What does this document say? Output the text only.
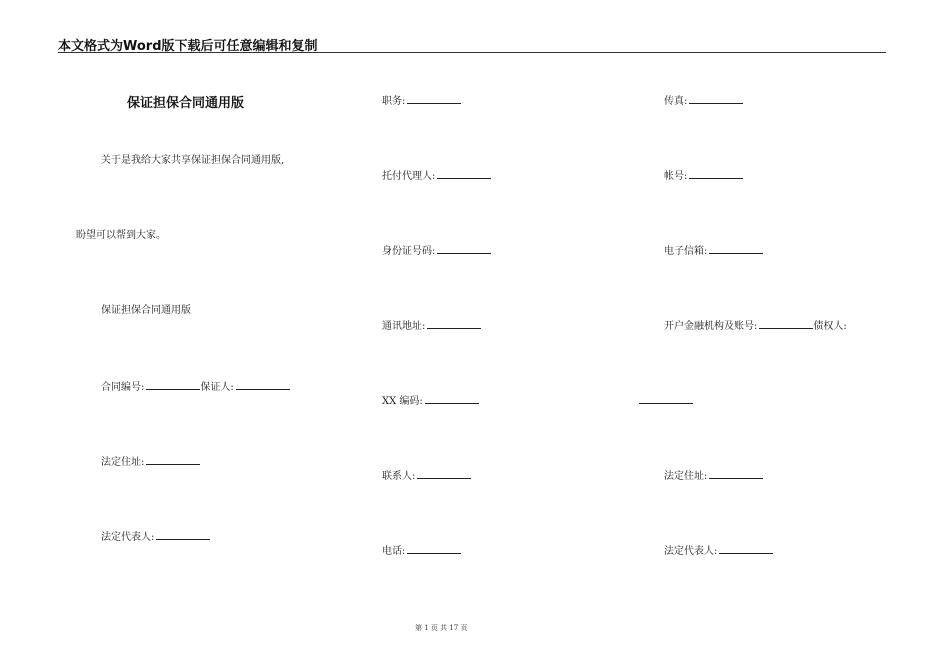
本文格式为Word版下载后可任意编辑和复制
保证担保合同通用版
关于是我给大家共享保证担保合同通用版,
盼望可以帮到大家。
保证担保合同通用版
合同编号:	保证人:
法定住址:
法定代表人:
职务:
托付代理人:
身份证号码:
通讯地址:
XX 编码:
联系人:
电话:
传真:
帐号:
电子信箱:
开户金融机构及账号:	债权人:
法定住址:
法定代表人:
第 1 页 共 17 页
